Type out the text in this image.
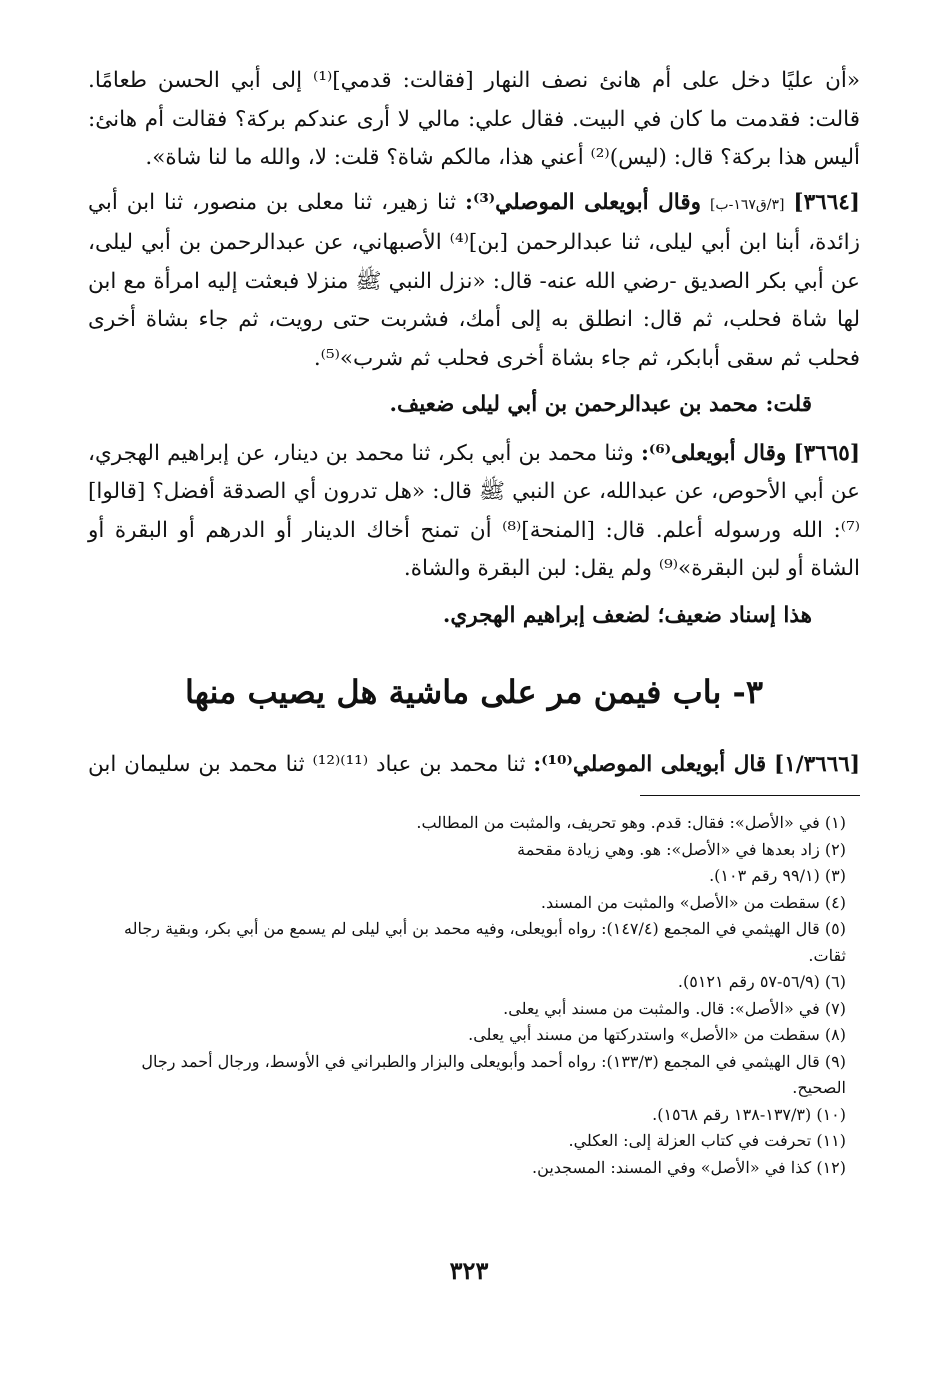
«أن عليًا دخل على أم هانئ نصف النهار [فقالت: قدمي]⁽¹⁾ إلى أبي الحسن طعامًا. قالت: فقدمت ما كان في البيت. فقال علي: مالي لا أرى عندكم بركة؟ فقالت أم هانئ: أليس هذا بركة؟ قال: (ليس)⁽²⁾ أعني هذا، مالكم شاة؟ قلت: لا، والله ما لنا شاة».

[٣٦٦٤] [٣/ق١٦٧-ب] وقال أبويعلى الموصلي⁽³⁾: ثنا زهير، ثنا معلى بن منصور، ثنا ابن أبي زائدة، أبنا ابن أبي ليلى، ثنا عبدالرحمن [بن]⁽⁴⁾ الأصبهاني، عن عبدالرحمن بن أبي ليلى، عن أبي بكر الصديق -رضي الله عنه- قال: «نزل النبي ﷺ منزلا فبعثت إليه امرأة مع ابن لها شاة فحلب، ثم قال: انطلق به إلى أمك، فشربت حتى رويت، ثم جاء بشاة أخرى فحلب ثم سقى أبابكر، ثم جاء بشاة أخرى فحلب ثم شرب»⁽⁵⁾.

قلت: محمد بن عبدالرحمن بن أبي ليلى ضعيف.

[٣٦٦٥] وقال أبويعلى⁽⁶⁾: وثنا محمد بن أبي بكر، ثنا محمد بن دينار، عن إبراهيم الهجري، عن أبي الأحوص، عن عبدالله، عن النبي ﷺ قال: «هل تدرون أي الصدقة أفضل؟ [قالوا]⁽⁷⁾: الله ورسوله أعلم. قال: [المنحة]⁽⁸⁾ أن تمنح أخاك الدينار أو الدرهم أو البقرة أو الشاة أو لبن البقرة»⁽⁹⁾ ولم يقل: لبن البقرة والشاة.

هذا إسناد ضعيف؛ لضعف إبراهيم الهجري.

٣- باب فيمن مر على ماشية هل يصيب منها

[١/٣٦٦٦] قال أبويعلى الموصلي⁽¹⁰⁾: ثنا محمد بن عباد ⁽¹¹⁾⁽¹²⁾ ثنا محمد بن سليمان ابن

(١) في «الأصل»: فقال: قدم. وهو تحريف، والمثبت من المطالب.

(٢) زاد بعدها في «الأصل»: هو. وهي زيادة مقحمة

(٣) (٩٩/١ رقم ١٠٣).

(٤) سقطت من «الأصل» والمثبت من المسند.

(٥) قال الهيثمي في المجمع (١٤٧/٤): رواه أبويعلى، وفيه محمد بن أبي ليلى لم يسمع من أبي بكر، وبقية رجاله ثقات.

(٦) (٥٦/٩-٥٧ رقم ٥١٢١).

(٧) في «الأصل»: قال. والمثبت من مسند أبي يعلى.

(٨) سقطت من «الأصل» واستدركتها من مسند أبي يعلى.

(٩) قال الهيثمي في المجمع (١٣٣/٣): رواه أحمد وأبويعلى والبزار والطبراني في الأوسط، ورجال أحمد رجال الصحيح.

(١٠) (١٣٧/٣-١٣٨ رقم ١٥٦٨).

(١١) تحرفت في كتاب العزلة إلى: العكلي.

(١٢) كذا في «الأصل» وفي المسند: المسجدين.

٣٢٣
